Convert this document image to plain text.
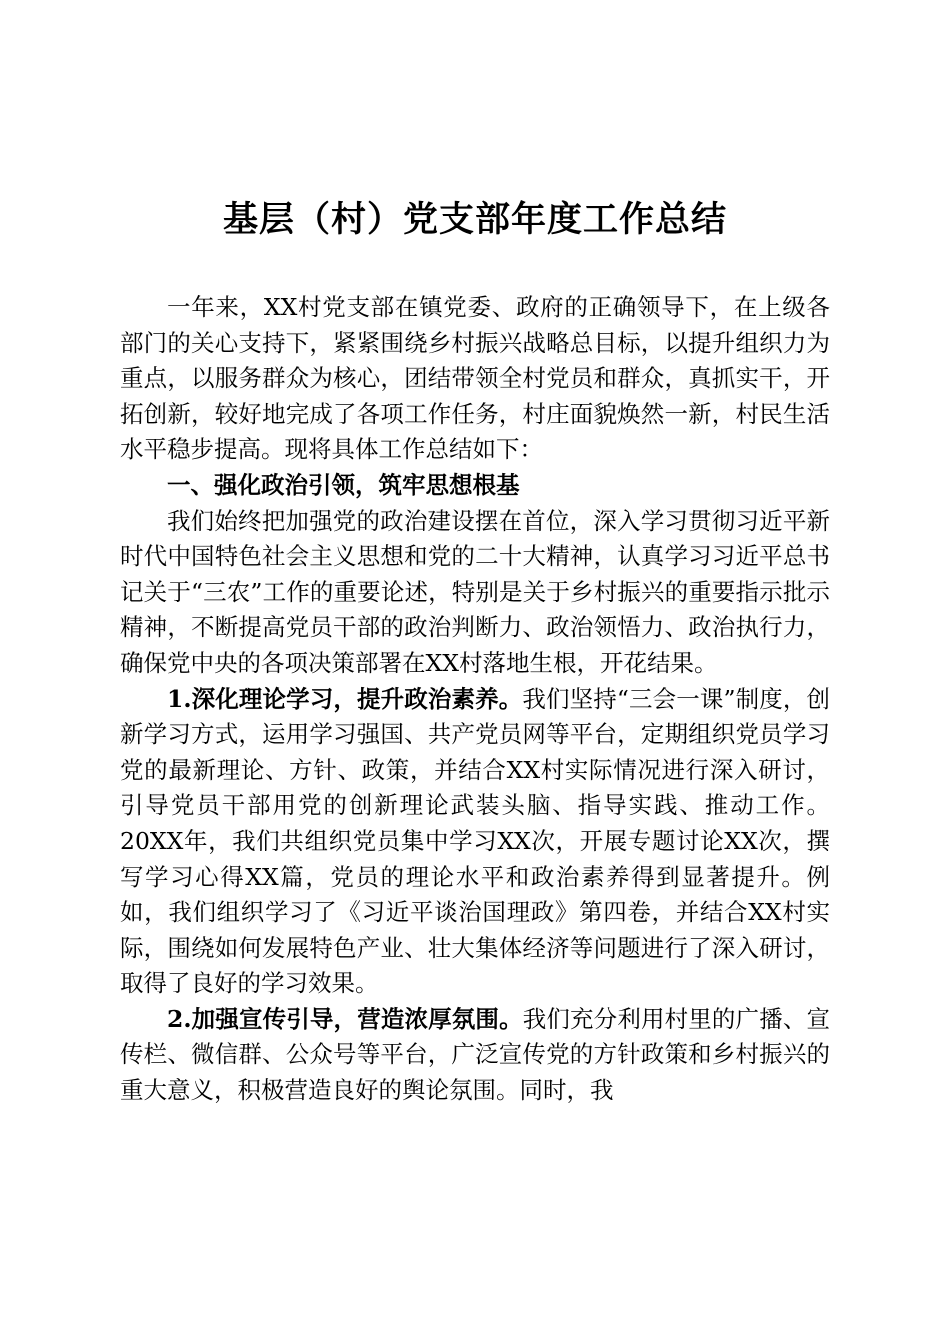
基层（村）党支部年度工作总结

一年来，XX村党支部在镇党委、政府的正确领导下，在上级各部门的关心支持下，紧紧围绕乡村振兴战略总目标，以提升组织力为重点，以服务群众为核心，团结带领全村党员和群众，真抓实干，开拓创新，较好地完成了各项工作任务，村庄面貌焕然一新，村民生活水平稳步提高。现将具体工作总结如下：

一、强化政治引领，筑牢思想根基

我们始终把加强党的政治建设摆在首位，深入学习贯彻习近平新时代中国特色社会主义思想和党的二十大精神，认真学习习近平总书记关于“三农”工作的重要论述，特别是关于乡村振兴的重要指示批示精神，不断提高党员干部的政治判断力、政治领悟力、政治执行力，确保党中央的各项决策部署在XX村落地生根，开花结果。

1.深化理论学习，提升政治素养。我们坚持“三会一课”制度，创新学习方式，运用学习强国、共产党员网等平台，定期组织党员学习党的最新理论、方针、政策，并结合XX村实际情况进行深入研讨，引导党员干部用党的创新理论武装头脑、指导实践、推动工作。20XX年，我们共组织党员集中学习XX次，开展专题讨论XX次，撰写学习心得XX篇，党员的理论水平和政治素养得到显著提升。例如，我们组织学习了《习近平谈治国理政》第四卷，并结合XX村实际，围绕如何发展特色产业、壮大集体经济等问题进行了深入研讨，取得了良好的学习效果。

2.加强宣传引导，营造浓厚氛围。我们充分利用村里的广播、宣传栏、微信群、公众号等平台，广泛宣传党的方针政策和乡村振兴的重大意义，积极营造良好的舆论氛围。同时，我
